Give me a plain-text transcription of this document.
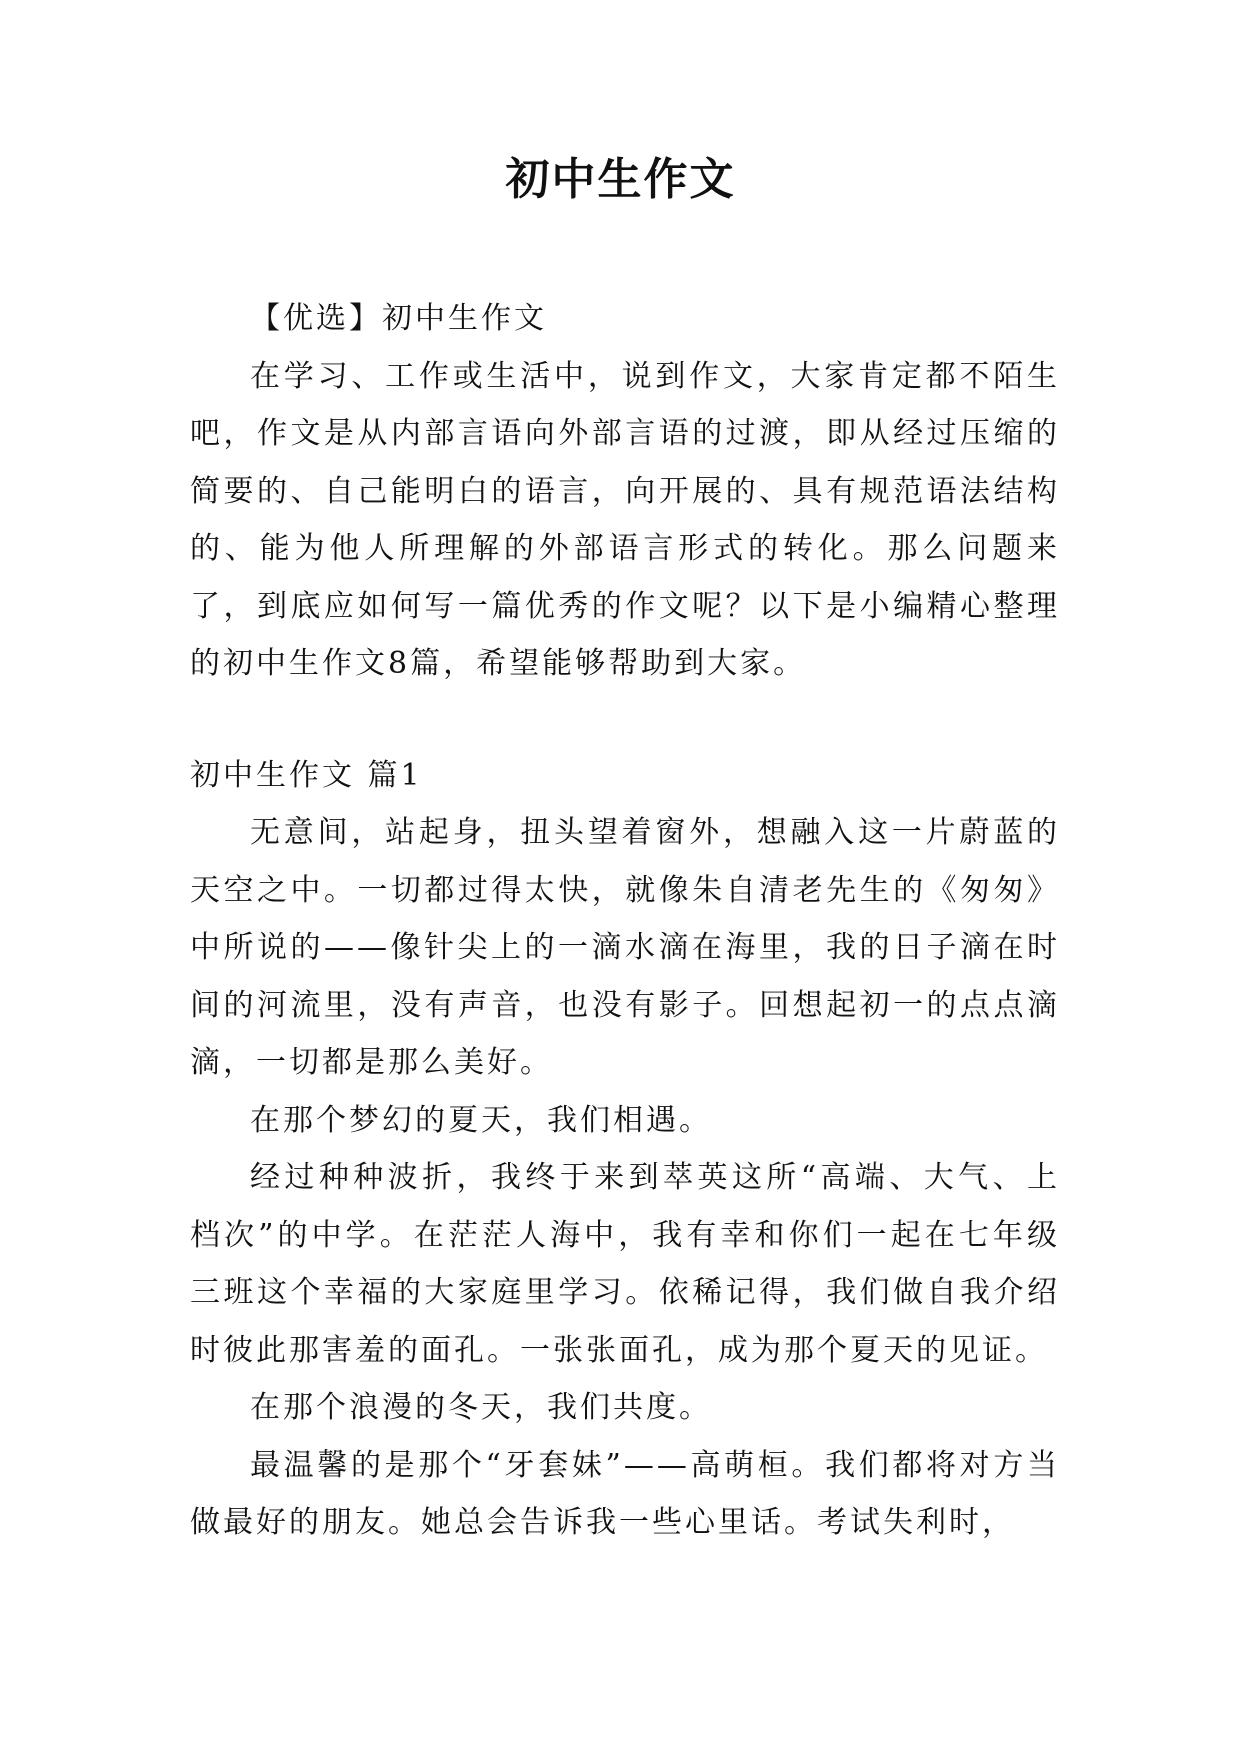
初中生作文

【优选】初中生作文

在学习、工作或生活中，说到作文，大家肯定都不陌生吧，作文是从内部言语向外部言语的过渡，即从经过压缩的简要的、自己能明白的语言，向开展的、具有规范语法结构的、能为他人所理解的外部语言形式的转化。那么问题来了，到底应如何写一篇优秀的作文呢？以下是小编精心整理的初中生作文8篇，希望能够帮助到大家。

初中生作文 篇1

无意间，站起身，扭头望着窗外，想融入这一片蔚蓝的天空之中。一切都过得太快，就像朱自清老先生的《匆匆》中所说的——像针尖上的一滴水滴在海里，我的日子滴在时间的河流里，没有声音，也没有影子。回想起初一的点点滴滴，一切都是那么美好。

在那个梦幻的夏天，我们相遇。

经过种种波折，我终于来到萃英这所“高端、大气、上档次”的中学。在茫茫人海中，我有幸和你们一起在七年级三班这个幸福的大家庭里学习。依稀记得，我们做自我介绍时彼此那害羞的面孔。一张张面孔，成为那个夏天的见证。

在那个浪漫的冬天，我们共度。

最温馨的是那个“牙套妹”——高萌桓。我们都将对方当做最好的朋友。她总会告诉我一些心里话。考试失利时，
